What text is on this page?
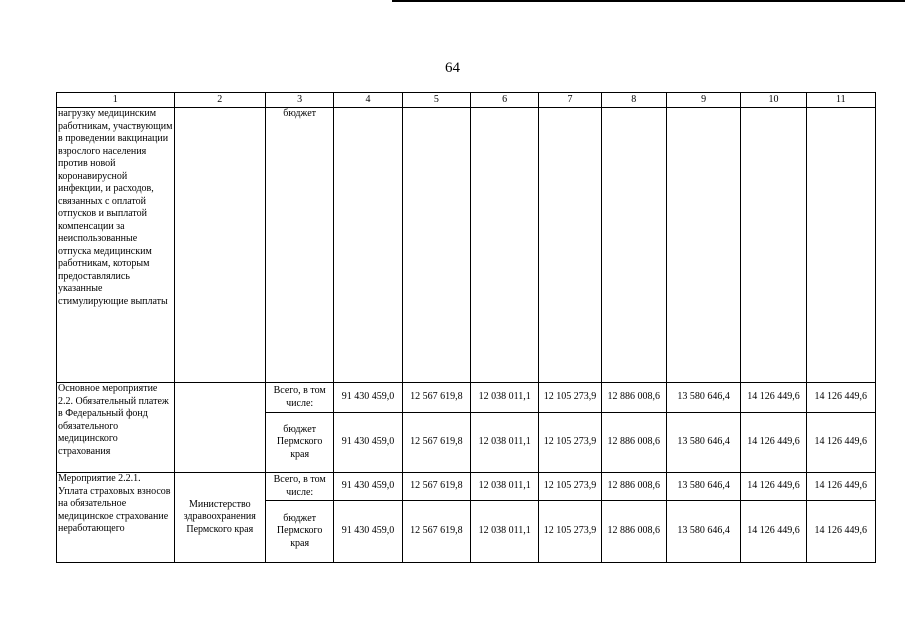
64
1	2	3	4	5	6	7	8	9	10	11
нагрузку медицинским работникам, участвующим в проведении вакцинации взрослого населения против новой коронавирусной инфекции, и расходов, связанных с оплатой отпусков и выплатой компенсации за неиспользованные отпуска медицинским работникам, которым предоставлялись указанные стимулирующие выплаты		бюджет								
Основное мероприятие 2.2. Обязательный платеж в Федеральный фонд обязательного медицинского страхования		Всего, в том числе:	91 430 459,0	12 567 619,8	12 038 011,1	12 105 273,9	12 886 008,6	13 580 646,4	14 126 449,6	14 126 449,6
		бюджет Пермского края	91 430 459,0	12 567 619,8	12 038 011,1	12 105 273,9	12 886 008,6	13 580 646,4	14 126 449,6	14 126 449,6
Мероприятие 2.2.1. Уплата страховых взносов на обязательное медицинское страхование неработающего	Министерство здравоохранения Пермского края	Всего, в том числе:	91 430 459,0	12 567 619,8	12 038 011,1	12 105 273,9	12 886 008,6	13 580 646,4	14 126 449,6	14 126 449,6
		бюджет Пермского края	91 430 459,0	12 567 619,8	12 038 011,1	12 105 273,9	12 886 008,6	13 580 646,4	14 126 449,6	14 126 449,6
